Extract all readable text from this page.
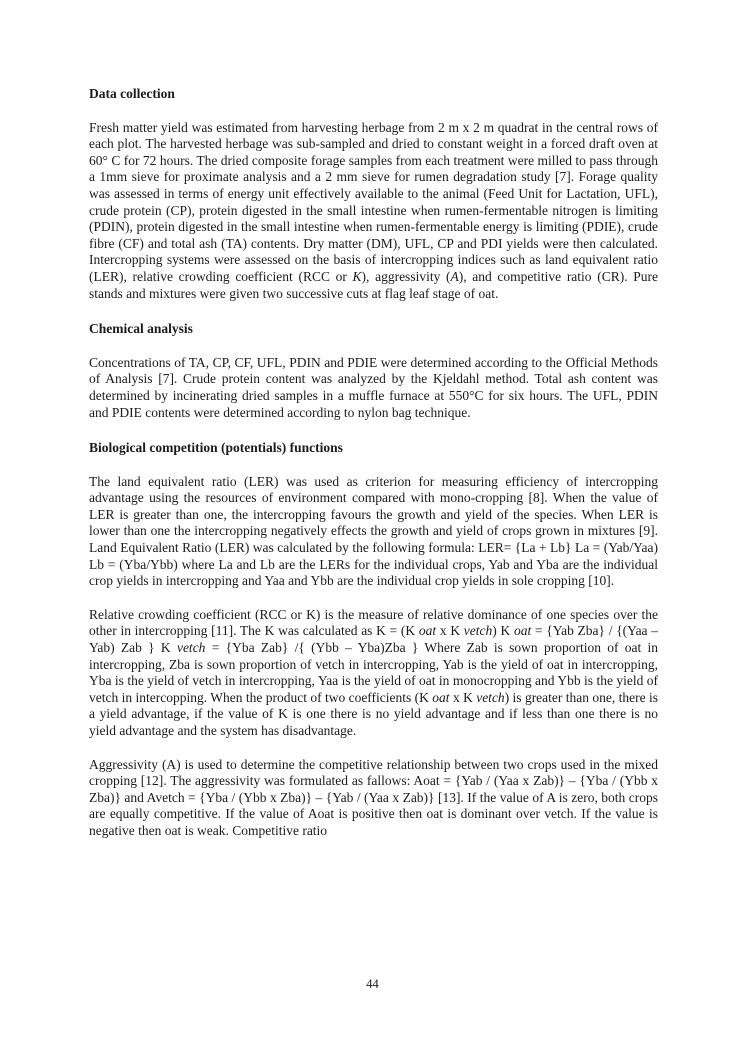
Data collection

Fresh matter yield was estimated from harvesting herbage from 2 m x 2 m quadrat in the central rows of each plot. The harvested herbage was sub-sampled and dried to constant weight in a forced draft oven at 60° C for 72 hours. The dried composite forage samples from each treatment were milled to pass through a 1mm sieve for proximate analysis and a 2 mm sieve for rumen degradation study [7]. Forage quality was assessed in terms of energy unit effectively available to the animal (Feed Unit for Lactation, UFL), crude protein (CP), protein digested in the small intestine when rumen-fermentable nitrogen is limiting (PDIN), protein digested in the small intestine when rumen-fermentable energy is limiting (PDIE), crude fibre (CF) and total ash (TA) contents. Dry matter (DM), UFL, CP and PDI yields were then calculated. Intercropping systems were assessed on the basis of intercropping indices such as land equivalent ratio (LER), relative crowding coefficient (RCC or K), aggressivity (A), and competitive ratio (CR). Pure stands and mixtures were given two successive cuts at flag leaf stage of oat.

Chemical analysis

Concentrations of TA, CP, CF, UFL, PDIN and PDIE were determined according to the Official Methods of Analysis [7]. Crude protein content was analyzed by the Kjeldahl method. Total ash content was determined by incinerating dried samples in a muffle furnace at 550°C for six hours. The UFL, PDIN and PDIE contents were determined according to nylon bag technique.

Biological competition (potentials) functions

The land equivalent ratio (LER) was used as criterion for measuring efficiency of intercropping advantage using the resources of environment compared with mono-cropping [8]. When the value of LER is greater than one, the intercropping favours the growth and yield of the species. When LER is lower than one the intercropping negatively effects the growth and yield of crops grown in mixtures [9]. Land Equivalent Ratio (LER) was calculated by the following formula: LER= {La + Lb} La = (Yab/Yaa) Lb = (Yba/Ybb) where La and Lb are the LERs for the individual crops, Yab and Yba are the individual crop yields in intercropping and Yaa and Ybb are the individual crop yields in sole cropping [10].

Relative crowding coefficient (RCC or K) is the measure of relative dominance of one species over the other in intercropping [11]. The K was calculated as K = (K oat x K vetch) K oat = {Yab Zba} / {(Yaa – Yab) Zab } K vetch = {Yba Zab} /{ (Ybb – Yba)Zba } Where Zab is sown proportion of oat in intercropping, Zba is sown proportion of vetch in intercropping, Yab is the yield of oat in intercropping, Yba is the yield of vetch in intercropping, Yaa is the yield of oat in monocropping and Ybb is the yield of vetch in intercopping. When the product of two coefficients (K oat x K vetch) is greater than one, there is a yield advantage, if the value of K is one there is no yield advantage and if less than one there is no yield advantage and the system has disadvantage.

Aggressivity (A) is used to determine the competitive relationship between two crops used in the mixed cropping [12]. The aggressivity was formulated as fallows: Aoat = {Yab / (Yaa x Zab)} – {Yba / (Ybb x Zba)} and Avetch = {Yba / (Ybb x Zba)} – {Yab / (Yaa x Zab)} [13]. If the value of A is zero, both crops are equally competitive. If the value of Aoat is positive then oat is dominant over vetch. If the value is negative then oat is weak. Competitive ratio

44
